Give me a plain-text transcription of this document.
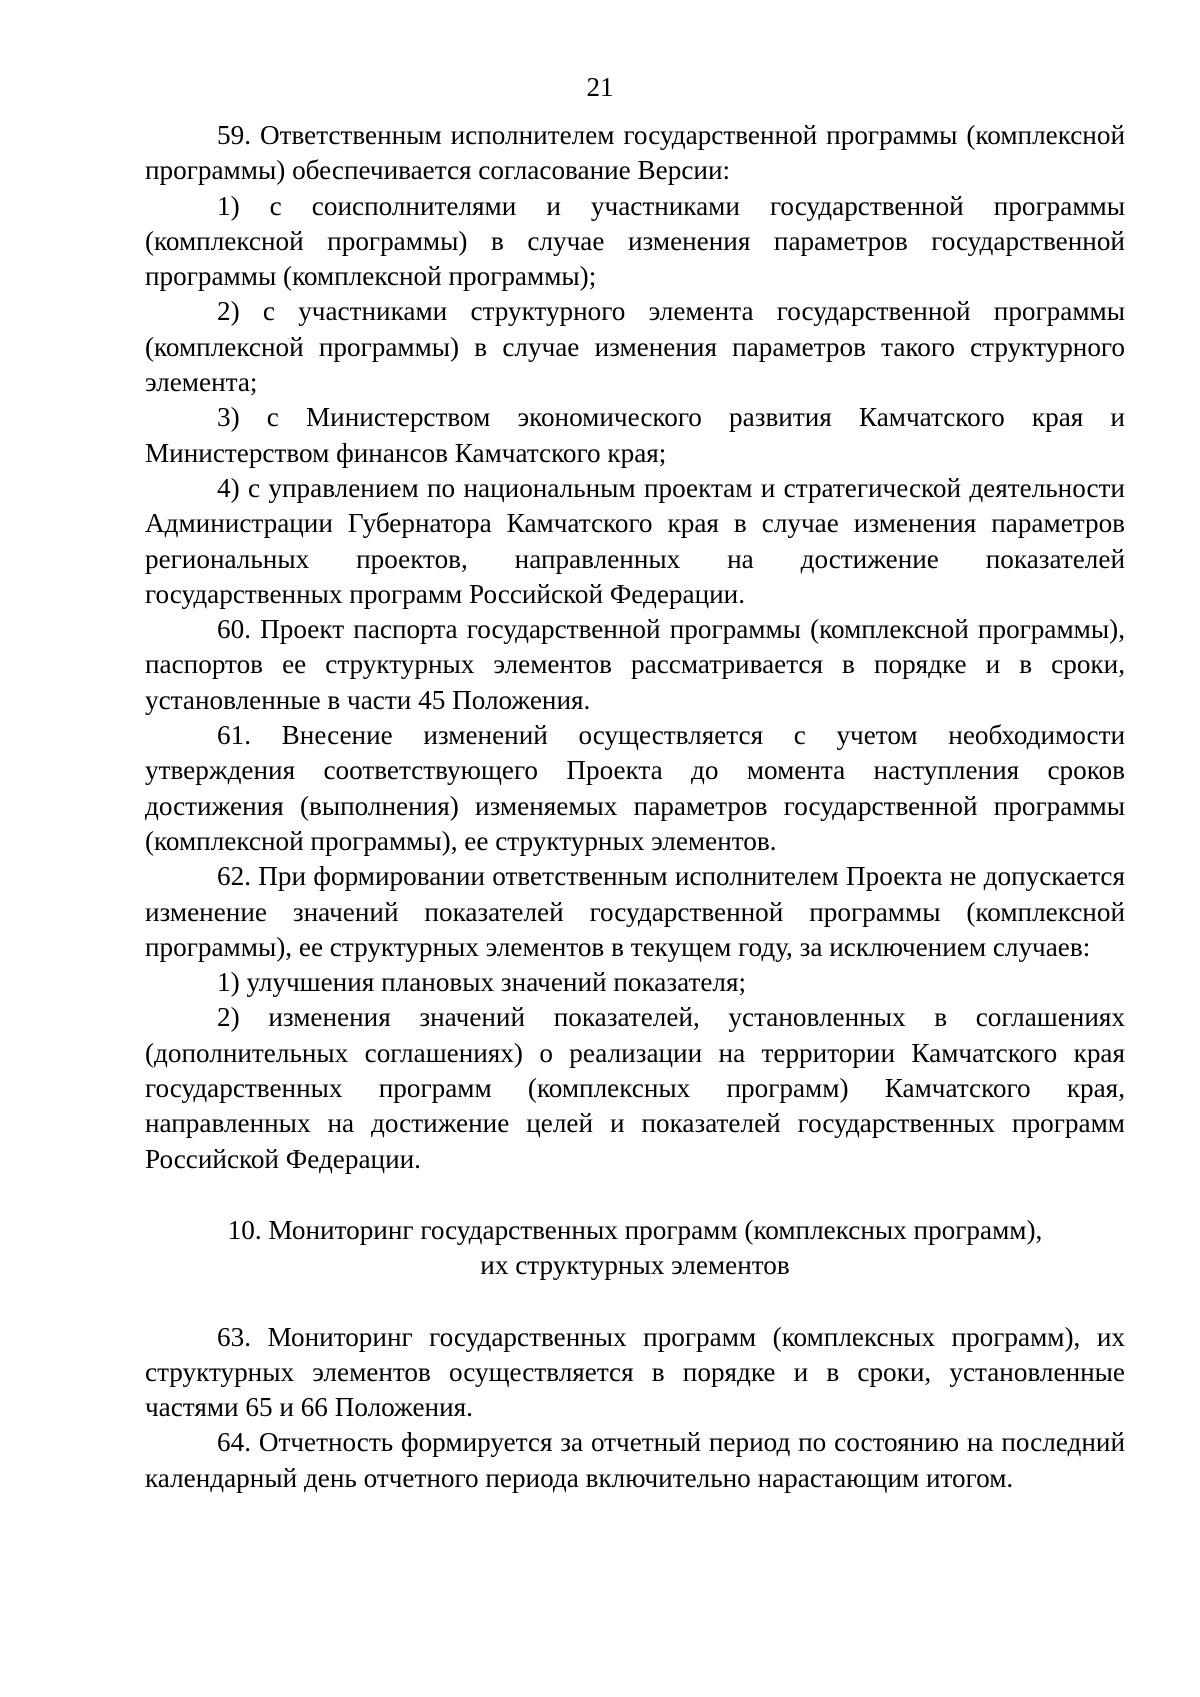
21

59. Ответственным исполнителем государственной программы (комплексной программы) обеспечивается согласование Версии:

1) с соисполнителями и участниками государственной программы (комплексной программы) в случае изменения параметров государственной программы (комплексной программы);

2) с участниками структурного элемента государственной программы (комплексной программы) в случае изменения параметров такого структурного элемента;

3) с Министерством экономического развития Камчатского края и Министерством финансов Камчатского края;

4) с управлением по национальным проектам и стратегической деятельности Администрации Губернатора Камчатского края в случае изменения параметров региональных проектов, направленных на достижение показателей государственных программ Российской Федерации.

60. Проект паспорта государственной программы (комплексной программы), паспортов ее структурных элементов рассматривается в порядке и в сроки, установленные в части 45 Положения.

61. Внесение изменений осуществляется с учетом необходимости утверждения соответствующего Проекта до момента наступления сроков достижения (выполнения) изменяемых параметров государственной программы (комплексной программы), ее структурных элементов.

62. При формировании ответственным исполнителем Проекта не допускается изменение значений показателей государственной программы (комплексной программы), ее структурных элементов в текущем году, за исключением случаев:

1) улучшения плановых значений показателя;

2) изменения значений показателей, установленных в соглашениях (дополнительных соглашениях) о реализации на территории Камчатского края государственных программ (комплексных программ) Камчатского края, направленных на достижение целей и показателей государственных программ Российской Федерации.

10. Мониторинг государственных программ (комплексных программ),

их структурных элементов

63. Мониторинг государственных программ (комплексных программ), их структурных элементов осуществляется в порядке и в сроки, установленные частями 65 и 66 Положения.

64. Отчетность формируется за отчетный период по состоянию на последний календарный день отчетного периода включительно нарастающим итогом.
